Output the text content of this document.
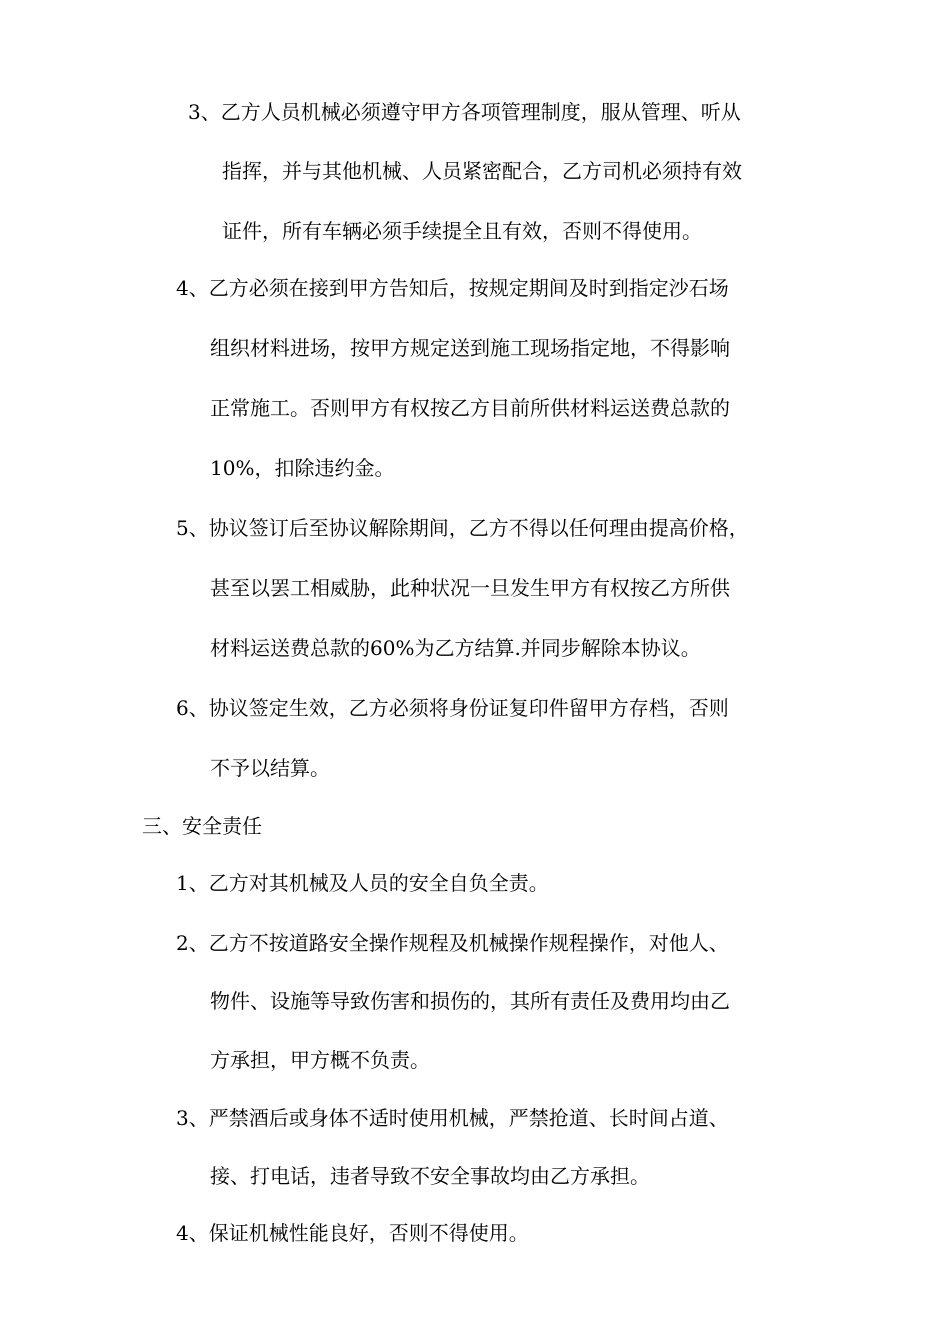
3、乙方人员机械必须遵守甲方各项管理制度，服从管理、听从
指挥，并与其他机械、人员紧密配合，乙方司机必须持有效
证件，所有车辆必须手续提全且有效，否则不得使用。
4、乙方必须在接到甲方告知后，按规定期间及时到指定沙石场
组织材料进场，按甲方规定送到施工现场指定地，不得影响
正常施工。否则甲方有权按乙方目前所供材料运送费总款的
10%，扣除违约金。
5、协议签订后至协议解除期间，乙方不得以任何理由提高价格，
甚至以罢工相威胁，此种状况一旦发生甲方有权按乙方所供
材料运送费总款的60%为乙方结算.并同步解除本协议。
6、协议签定生效，乙方必须将身份证复印件留甲方存档，否则
不予以结算。
三、安全责任
1、乙方对其机械及人员的安全自负全责。
2、乙方不按道路安全操作规程及机械操作规程操作，对他人、
物件、设施等导致伤害和损伤的，其所有责任及费用均由乙
方承担，甲方概不负责。
3、严禁酒后或身体不适时使用机械，严禁抢道、长时间占道、
接、打电话，违者导致不安全事故均由乙方承担。
4、保证机械性能良好，否则不得使用。
